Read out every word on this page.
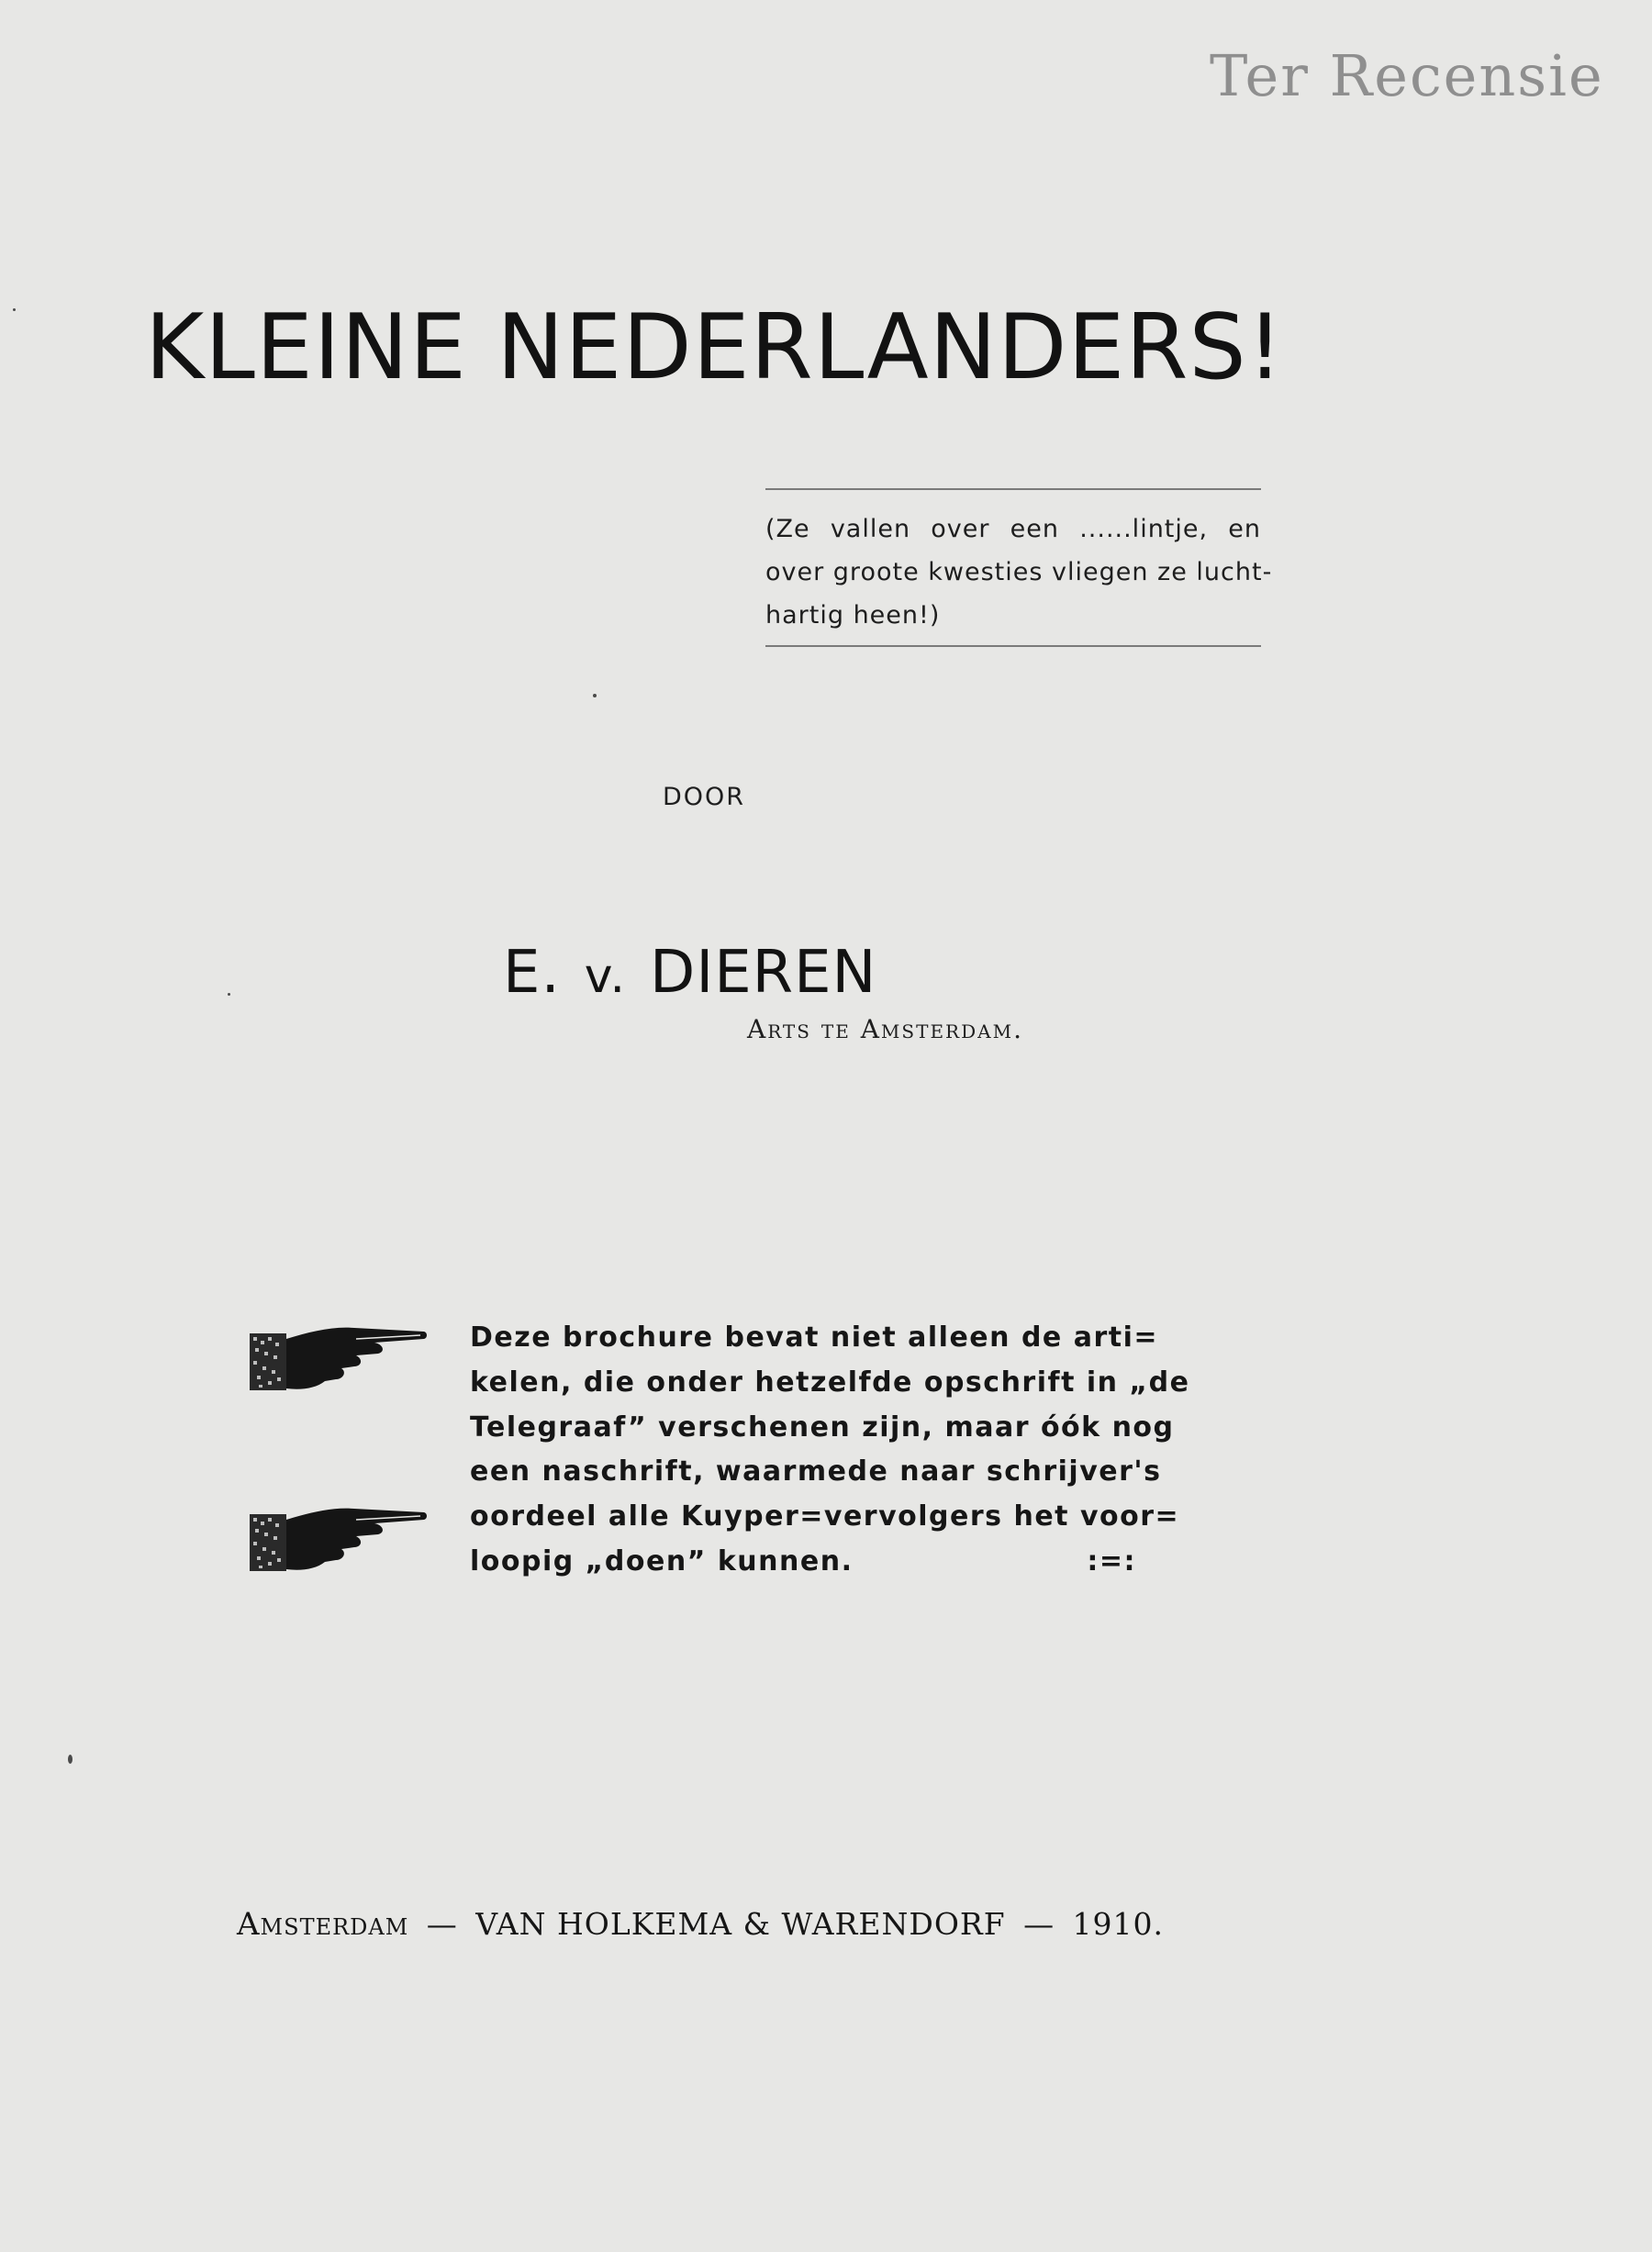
Ter Recensie
KLEINE NEDERLANDERS!
(Ze vallen over een ......lintje, en
over groote kwesties vliegen ze lucht-
hartig heen!)
DOOR
E. v. DIEREN
Arts te Amsterdam.
Deze brochure bevat niet alleen de arti=
kelen, die onder hetzelfde opschrift in „de
Telegraaf” verschenen zijn, maar óók nog
een naschrift, waarmede naar schrijver's
oordeel alle Kuyper=vervolgers het voor=
loopig „doen” kunnen.	:=:
Amsterdam — VAN HOLKEMA & WARENDORF — 1910.
